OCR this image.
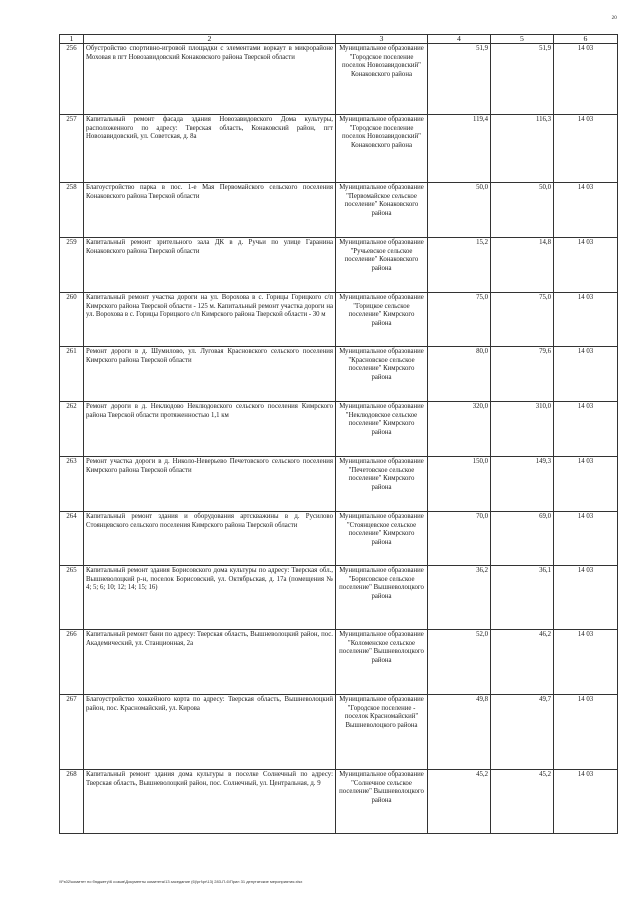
20
1	2	3	4	5	6
256	Обустройство спортивно-игровой площадки с элементами воркаут в микрорайоне Моховая в пгт Новозавидовский Конаковского района Тверской области	Муниципальное образование "Городское поселение поселок Новозавидовский" Конаковского района	51,9	51,9	14 03
257	Капитальный ремонт фасада здания Новозавидовского Дома культуры, расположенного по адресу: Тверская область, Конаковский район, пгт Новозавидовский, ул. Советская, д. 8а	Муниципальное образование "Городское поселение поселок Новозавидовский" Конаковского района	119,4	116,3	14 03
258	Благоустройство парка в пос. 1-е Мая Первомайского сельского поселения Конаковского района Тверской области	Муниципальное образование "Первомайское сельское поселение" Конаковского района	50,0	50,0	14 03
259	Капитальный ремонт зрительного зала ДК в д. Ручьи по улице Гаранина Конаковского района Тверской области	Муниципальное образование "Ручьевское сельское поселение" Конаковского района	15,2	14,8	14 03
260	Капитальный ремонт участка дороги на ул. Ворохова в с. Горицы Горицкого с/п Кимрского района Тверской области - 125 м. Капитальный ремонт участка дороги на ул. Ворохова в с. Горицы Горицкого с/п Кимрского района Тверской области - 30 м	Муниципальное образование "Горицкое сельское поселение" Кимрского района	75,0	75,0	14 03
261	Ремонт дороги в д. Шумилово, ул. Луговая Красновского сельского поселения Кимрского района Тверской области	Муниципальное образование "Красновское сельское поселение" Кимрского района	80,0	79,6	14 03
262	Ремонт дороги в д. Неклюдово Неклюдовского сельского поселения Кимрского района Тверской области протяженностью 1,1 км	Муниципальное образование "Неклюдовское сельское поселение" Кимрского района	320,0	310,0	14 03
263	Ремонт участка дороги в д. Николо-Неверьево Печетовского сельского поселения Кимрского района Тверской области	Муниципальное образование "Печетовское сельское поселение" Кимрского района	150,0	149,3	14 03
264	Капитальный ремонт здания и оборудования артскважины в д. Русилово Стоянцевского сельского поселения Кимрского района Тверской области	Муниципальное образование "Стоянцевское сельское поселение" Кимрского района	70,0	69,0	14 03
265	Капитальный ремонт здания Борисовского дома культуры по адресу: Тверская обл., Вышневолоцкий р-н, поселок Борисовский, ул. Октябрьская, д. 17а (помещения № 4; 5; 6; 10; 12; 14; 15; 16)	Муниципальное образование "Борисовское сельское поселение" Вышневолоцкого района	36,2	36,1	14 03
266	Капитальный ремонт бани по адресу: Тверская область, Вышневолоцкий район, пос. Академический, ул. Станционная, 2а	Муниципальное образование "Коломенское сельское поселение" Вышневолоцкого района	52,0	46,2	14 03
267	Благоустройство хоккейного корта по адресу: Тверская область, Вышневолоцкий район, пос. Красномайский, ул. Кирова	Муниципальное образование "Городское поселение - поселок Красномайский" Вышневолоцкого района	49,8	49,7	14 03
268	Капитальный ремонт здания дома культуры в поселке Солнечный по адресу: Тверская область, Вышневолоцкий район, пос. Солнечный, ул. Центральная, д. 9	Муниципальное образование "Солнечное сельское поселение" Вышневолоцкого района	45,2	45,2	14 03
\\Fs02\комитет по бюджету\6 созыв\Документы комитета\13 заседание (6)\pri\pr\13) 283-П-6\Прил 31 депутатские мероприятия.xlsx
